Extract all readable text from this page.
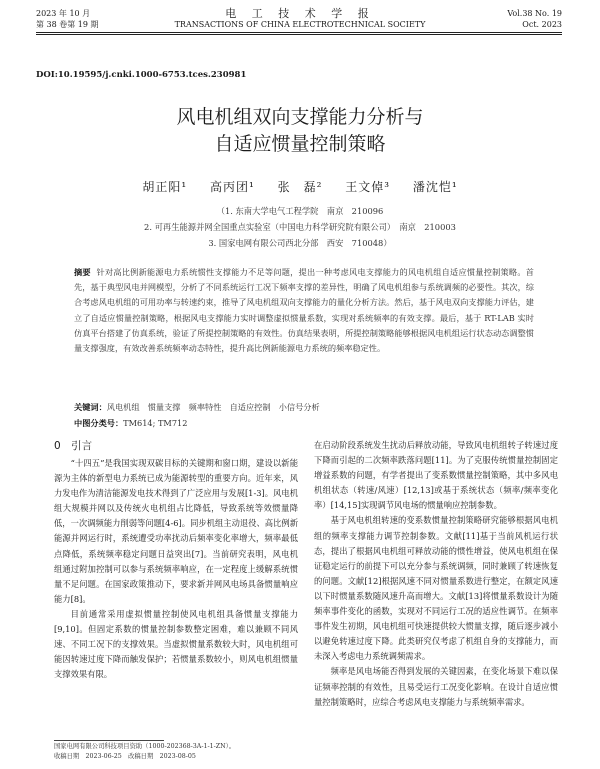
2023 年 10 月
第 38 卷第 19 期
电 工 技 术 学 报
TRANSACTIONS OF CHINA ELECTROTECHNICAL SOCIETY
Vol.38 No. 19
Oct. 2023
DOI:10.19595/j.cnki.1000-6753.tces.230981
风电机组双向支撑能力分析与
自适应惯量控制策略
胡正阳¹ 高丙团¹ 张　磊² 王文倬³ 潘沈恺¹
（1. 东南大学电气工程学院　南京　210096
2. 可再生能源并网全国重点实验室（中国电力科学研究院有限公司）　南京　210003
3. 国家电网有限公司西北分部　西安　710048）
摘要 针对高比例新能源电力系统惯性支撑能力不足等问题，提出一种考虑风电支撑能力的风电机组自适应惯量控制策略。首先，基于典型风电并网模型，分析了不同系统运行工况下频率支撑的差异性，明确了风电机组参与系统调频的必要性。其次，综合考虑风电机组的可用功率与转速约束，推导了风电机组双向支撑能力的量化分析方法。然后，基于风电双向支撑能力评估，建立了自适应惯量控制策略，根据风电支撑能力实时调整虚拟惯量系数，实现对系统频率的有效支撑。最后，基于 RT-LAB 实时仿真平台搭建了仿真系统，验证了所提控制策略的有效性。仿真结果表明，所提控制策略能够根据风电机组运行状态动态调整惯量支撑强度，有效改善系统频率动态特性，提升高比例新能源电力系统的频率稳定性。
关键词：风电机组　惯量支撑　频率特性　自适应控制　小信号分析
中图分类号：TM614; TM712
0　引言

“十四五”是我国实现双碳目标的关键期和窗口期，建设以新能源为主体的新型电力系统已成为能源转型的重要方向。近年来，风力发电作为清洁能源发电技术得到了广泛应用与发展[1-3]。风电机组大规模并网以及传统火电机组占比降低，导致系统等效惯量降低，一次调频能力削弱等问题[4-6]。同步机组主动退役、高比例新能源并网运行时，系统遭受功率扰动后频率变化率增大，频率最低点降低，系统频率稳定问题日益突出[7]。当前研究表明，风电机组通过附加控制可以参与系统频率响应，在一定程度上缓解系统惯量不足问题。在国家政策推动下，要求新并网风电场具备惯量响应能力[8]。

目前通常采用虚拟惯量控制使风电机组具备惯量支撑能力[9,10]。但固定系数的惯量控制参数整定困难，难以兼顾不同风速、不同工况下的支撑效果。当虚拟惯量系数较大时，风电机组可能因转速过度下降而触发保护；若惯量系数较小，则风电机组惯量支撑效果有限。

在启动阶段系统发生扰动后释放动能，导致风电机组转子转速过度下降而引起的二次频率跌落问题[11]。为了克服传统惯量控制固定增益系数的问题，有学者提出了变系数惯量控制策略，其中多风电机组状态（转速/风速）[12,13]或基于系统状态（频率/频率变化率）[14,15]实现调节风电场的惯量响应控制参数。

基于风电机组转速的变系数惯量控制策略研究能够根据风电机组的频率支撑能力调节控制参数。文献[11]基于当前风机运行状态，提出了根据风电机组可释放动能的惯性增益，使风电机组在保证稳定运行的前提下可以充分参与系统调频，同时兼顾了转速恢复的问题。文献[12]根据风速不同对惯量系数进行整定，在额定风速以下时惯量系数随风速升高而增大。文献[13]将惯量系数设计为随频率事件变化的函数，实现对不同运行工况的适应性调节。在频率事件发生初期，风电机组可快速提供较大惯量支撑，随后逐步减小以避免转速过度下降。此类研究仅考虑了机组自身的支撑能力，而未深入考虑电力系统调频需求。

频率是风电场能否得到发展的关键因素，在变化场景下难以保证频率控制的有效性，且易受运行工况变化影响。在设计自适应惯量控制策略时，应综合考虑风电支撑能力与系统频率需求。

国家电网有限公司科技项目资助（1000-202368-3A-1-1-ZN）。
收稿日期　2023-06-25　改稿日期　2023-08-05
